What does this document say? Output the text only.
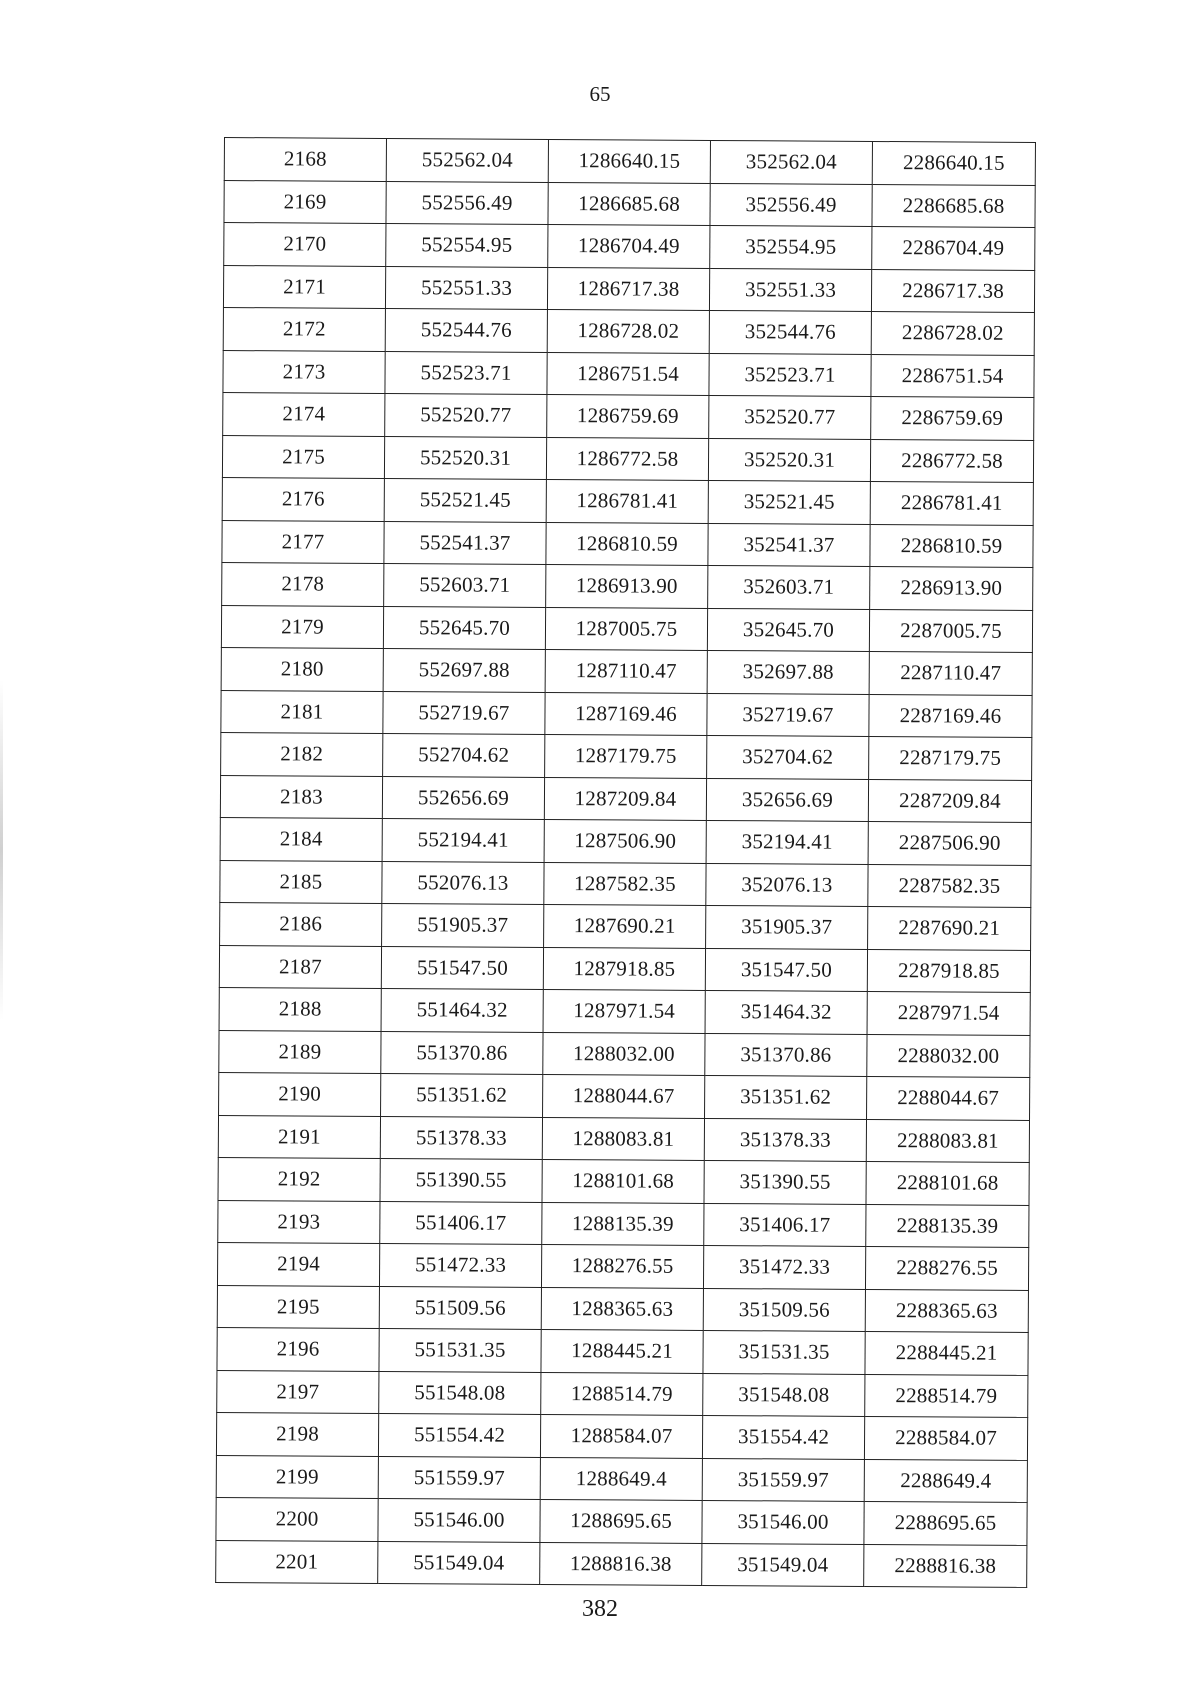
65
2168	552562.04	1286640.15	352562.04	2286640.15
2169	552556.49	1286685.68	352556.49	2286685.68
2170	552554.95	1286704.49	352554.95	2286704.49
2171	552551.33	1286717.38	352551.33	2286717.38
2172	552544.76	1286728.02	352544.76	2286728.02
2173	552523.71	1286751.54	352523.71	2286751.54
2174	552520.77	1286759.69	352520.77	2286759.69
2175	552520.31	1286772.58	352520.31	2286772.58
2176	552521.45	1286781.41	352521.45	2286781.41
2177	552541.37	1286810.59	352541.37	2286810.59
2178	552603.71	1286913.90	352603.71	2286913.90
2179	552645.70	1287005.75	352645.70	2287005.75
2180	552697.88	1287110.47	352697.88	2287110.47
2181	552719.67	1287169.46	352719.67	2287169.46
2182	552704.62	1287179.75	352704.62	2287179.75
2183	552656.69	1287209.84	352656.69	2287209.84
2184	552194.41	1287506.90	352194.41	2287506.90
2185	552076.13	1287582.35	352076.13	2287582.35
2186	551905.37	1287690.21	351905.37	2287690.21
2187	551547.50	1287918.85	351547.50	2287918.85
2188	551464.32	1287971.54	351464.32	2287971.54
2189	551370.86	1288032.00	351370.86	2288032.00
2190	551351.62	1288044.67	351351.62	2288044.67
2191	551378.33	1288083.81	351378.33	2288083.81
2192	551390.55	1288101.68	351390.55	2288101.68
2193	551406.17	1288135.39	351406.17	2288135.39
2194	551472.33	1288276.55	351472.33	2288276.55
2195	551509.56	1288365.63	351509.56	2288365.63
2196	551531.35	1288445.21	351531.35	2288445.21
2197	551548.08	1288514.79	351548.08	2288514.79
2198	551554.42	1288584.07	351554.42	2288584.07
2199	551559.97	1288649.4	351559.97	2288649.4
2200	551546.00	1288695.65	351546.00	2288695.65
2201	551549.04	1288816.38	351549.04	2288816.38
382
